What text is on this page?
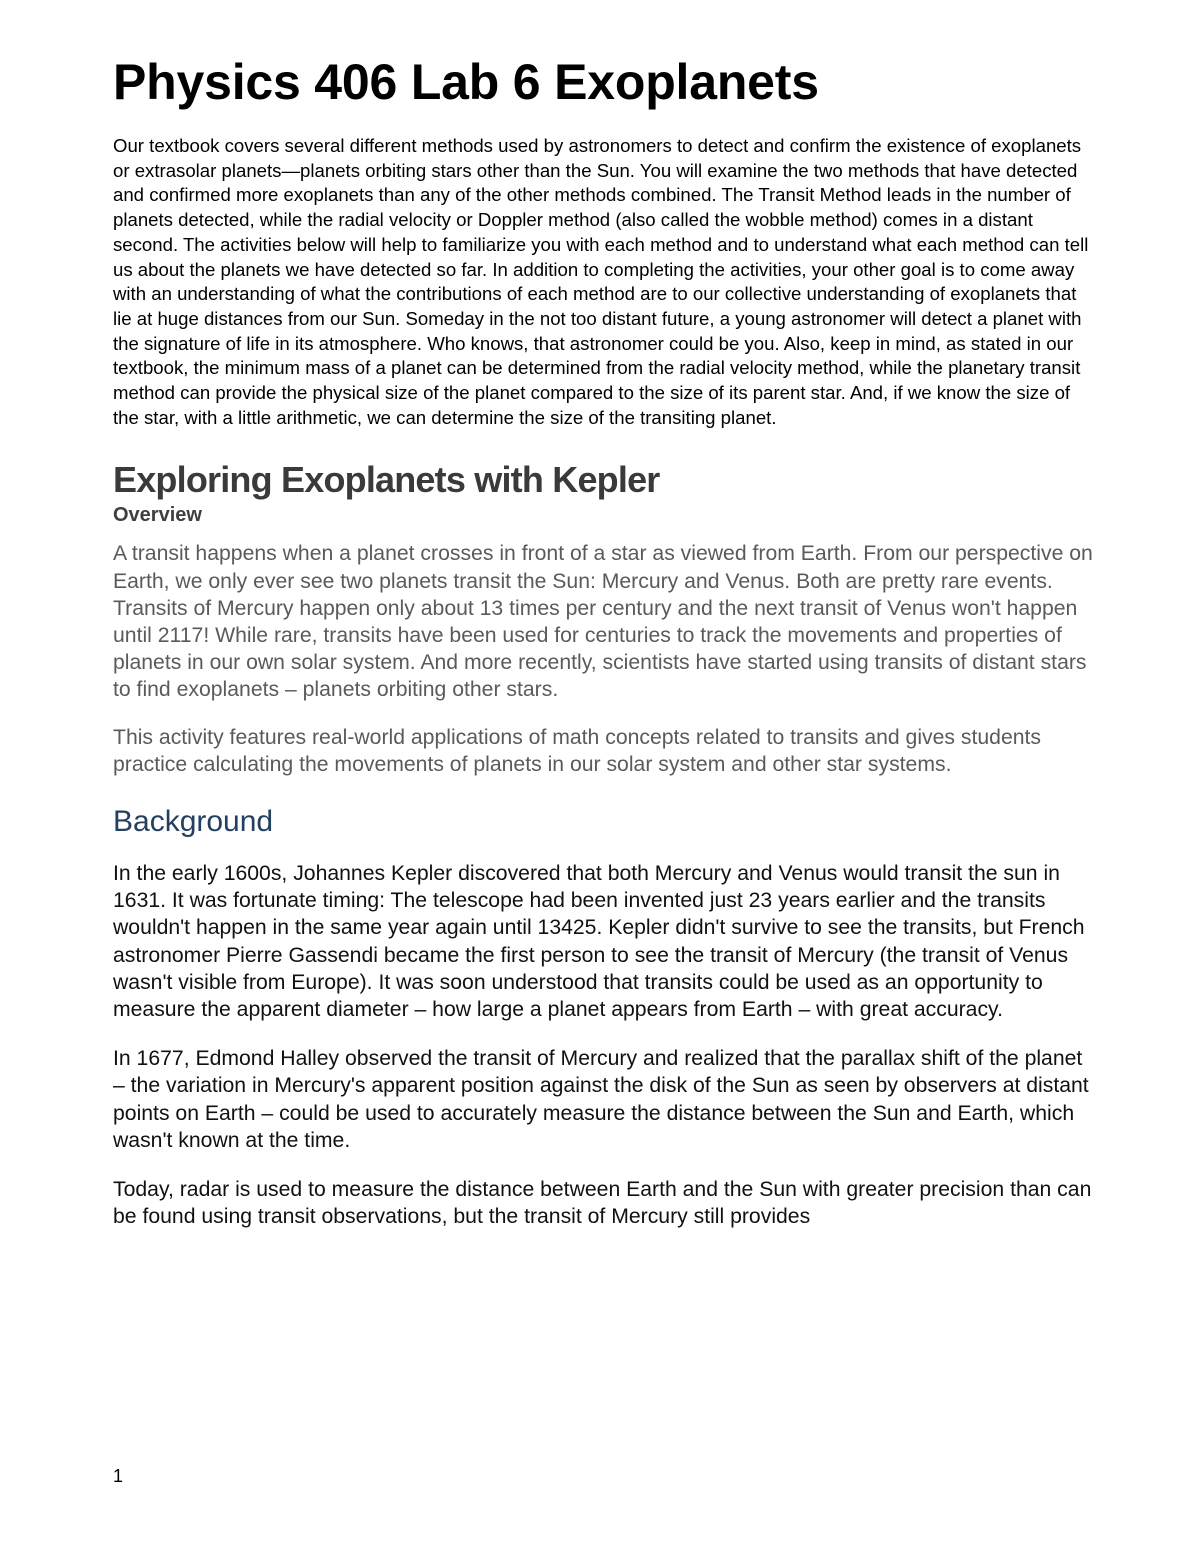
Physics 406 Lab 6 Exoplanets

Our textbook covers several different methods used by astronomers to detect and confirm the existence of exoplanets or extrasolar planets—planets orbiting stars other than the Sun. You will examine the two methods that have detected and confirmed more exoplanets than any of the other methods combined. The Transit Method leads in the number of planets detected, while the radial velocity or Doppler method (also called the wobble method) comes in a distant second. The activities below will help to familiarize you with each method and to understand what each method can tell us about the planets we have detected so far. In addition to completing the activities, your other goal is to come away with an understanding of what the contributions of each method are to our collective understanding of exoplanets that lie at huge distances from our Sun. Someday in the not too distant future, a young astronomer will detect a planet with the signature of life in its atmosphere. Who knows, that astronomer could be you. Also, keep in mind, as stated in our textbook, the minimum mass of a planet can be determined from the radial velocity method, while the planetary transit method can provide the physical size of the planet compared to the size of its parent star. And, if we know the size of the star, with a little arithmetic, we can determine the size of the transiting planet.

Exploring Exoplanets with Kepler
Overview

A transit happens when a planet crosses in front of a star as viewed from Earth. From our perspective on Earth, we only ever see two planets transit the Sun: Mercury and Venus. Both are pretty rare events. Transits of Mercury happen only about 13 times per century and the next transit of Venus won't happen until 2117! While rare, transits have been used for centuries to track the movements and properties of planets in our own solar system. And more recently, scientists have started using transits of distant stars to find exoplanets – planets orbiting other stars.

This activity features real-world applications of math concepts related to transits and gives students practice calculating the movements of planets in our solar system and other star systems.

Background

In the early 1600s, Johannes Kepler discovered that both Mercury and Venus would transit the sun in 1631. It was fortunate timing: The telescope had been invented just 23 years earlier and the transits wouldn't happen in the same year again until 13425. Kepler didn't survive to see the transits, but French astronomer Pierre Gassendi became the first person to see the transit of Mercury (the transit of Venus wasn't visible from Europe). It was soon understood that transits could be used as an opportunity to measure the apparent diameter – how large a planet appears from Earth – with great accuracy.

In 1677, Edmond Halley observed the transit of Mercury and realized that the parallax shift of the planet – the variation in Mercury's apparent position against the disk of the Sun as seen by observers at distant points on Earth – could be used to accurately measure the distance between the Sun and Earth, which wasn't known at the time.

Today, radar is used to measure the distance between Earth and the Sun with greater precision than can be found using transit observations, but the transit of Mercury still provides

1
